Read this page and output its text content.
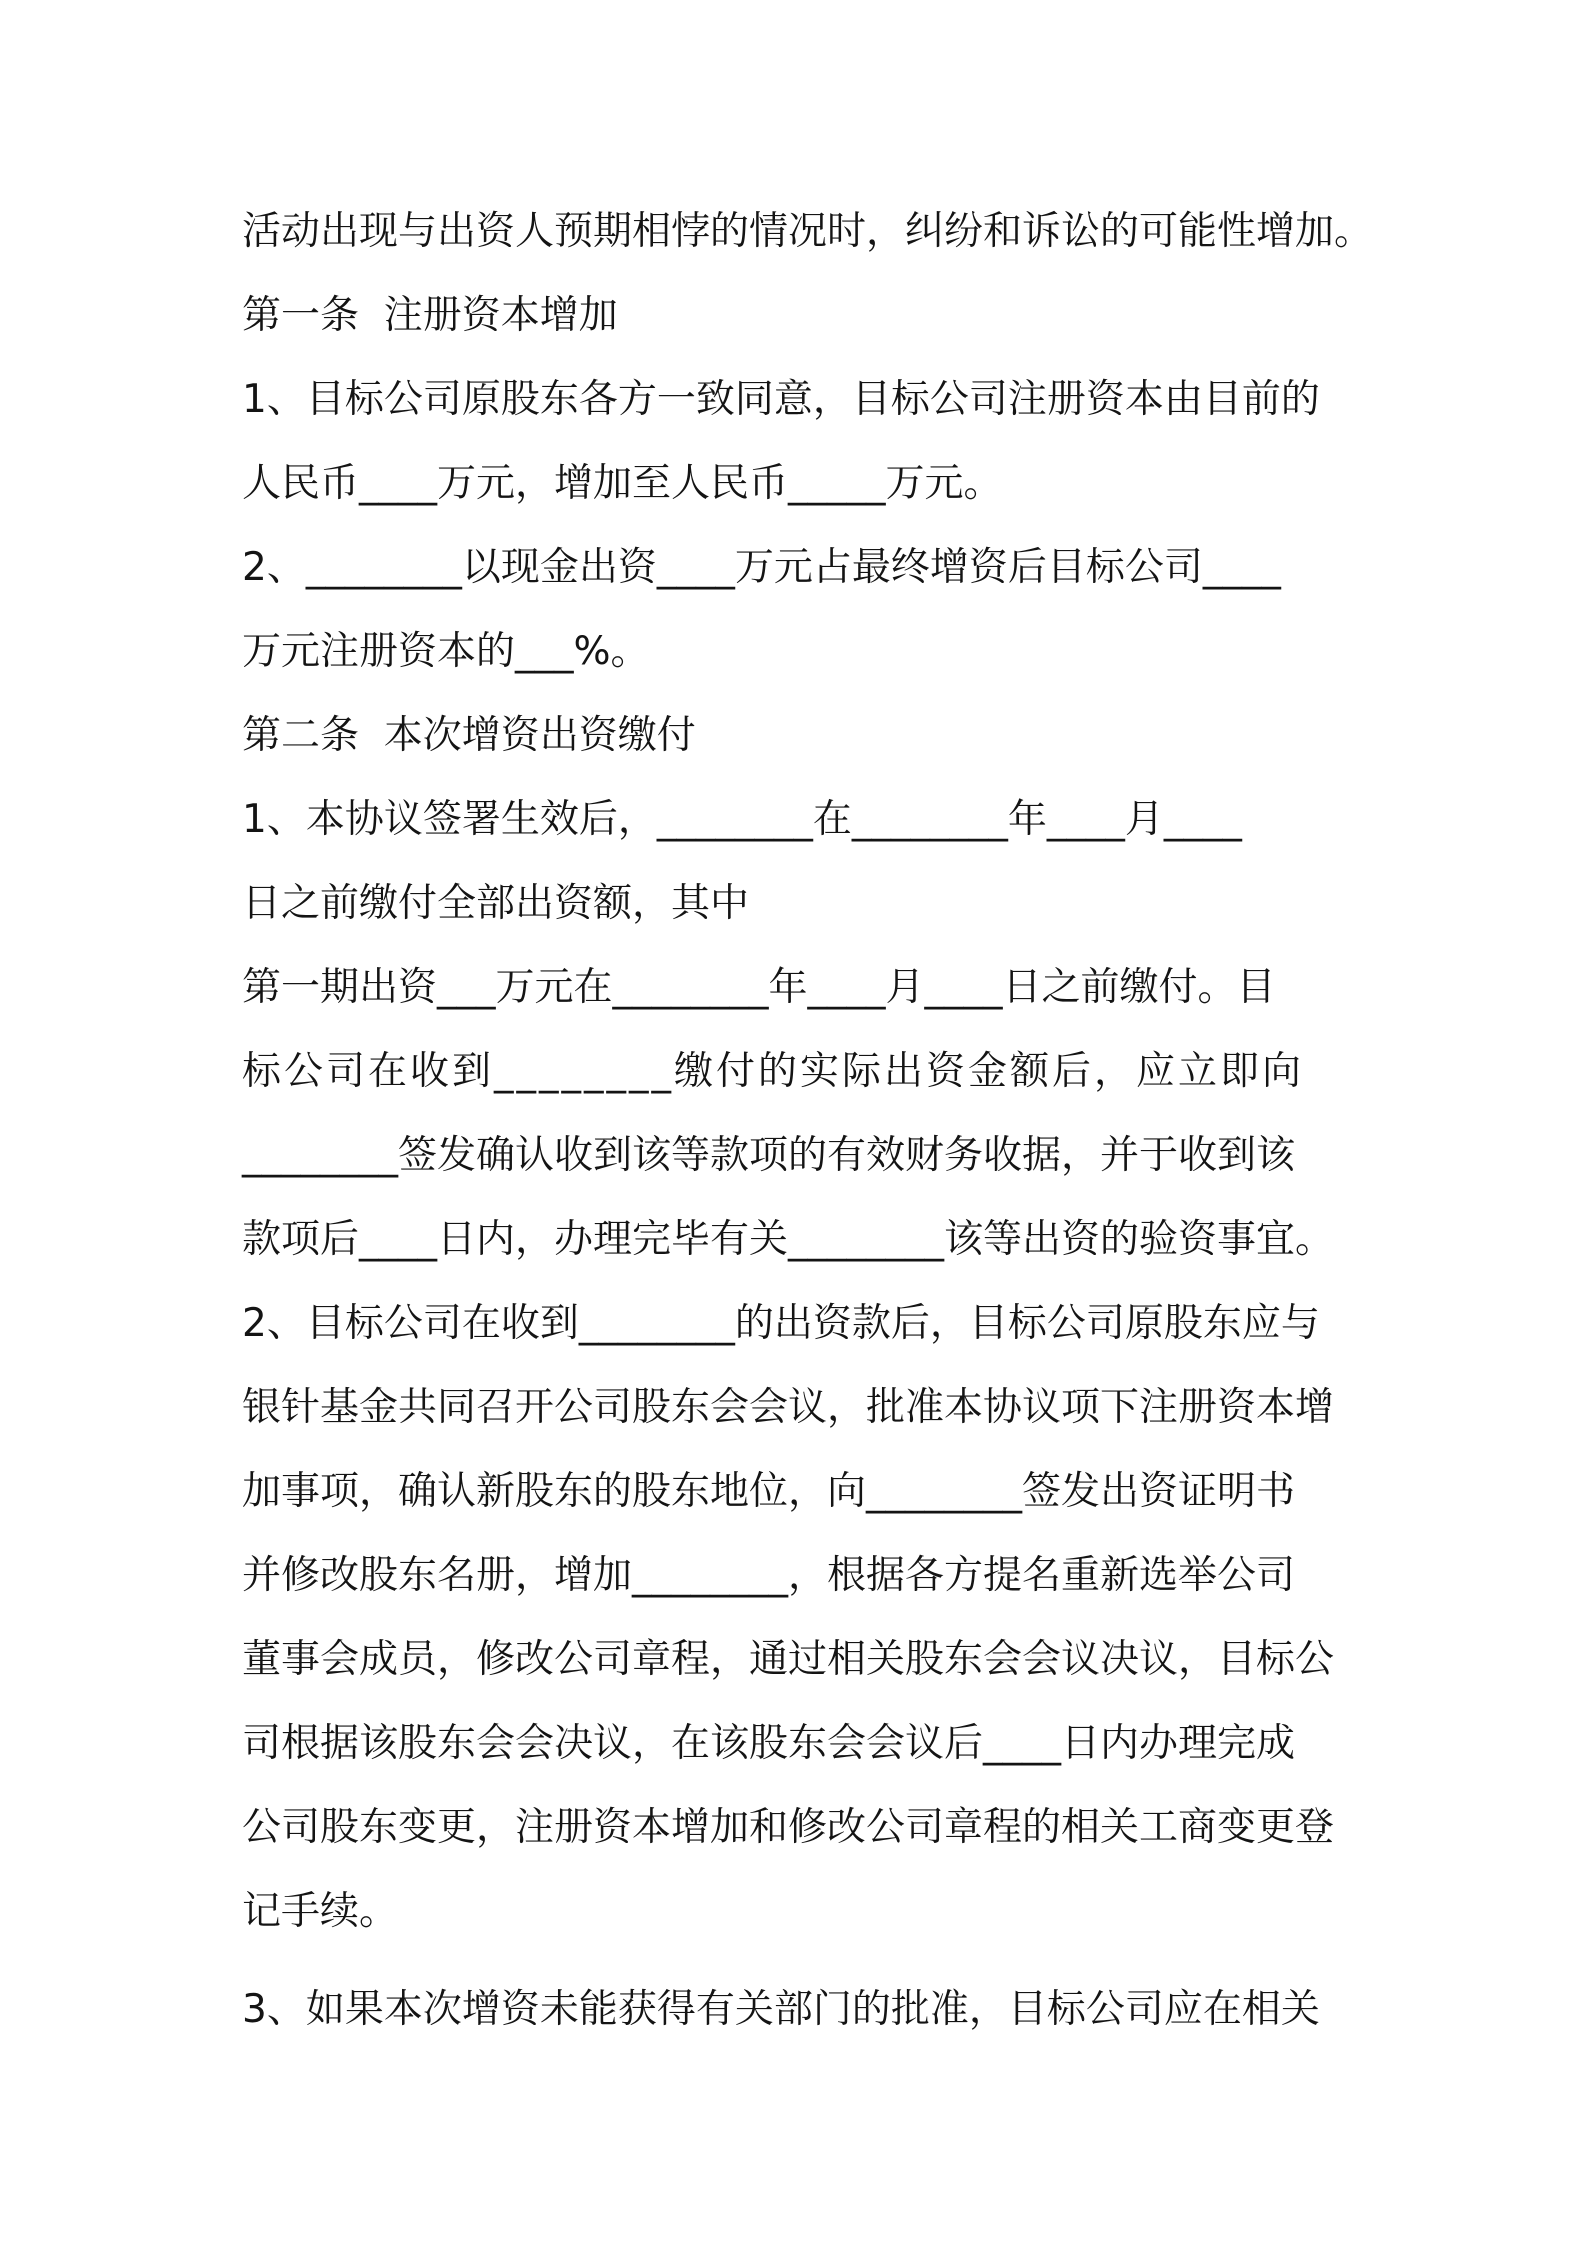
活动出现与出资人预期相悖的情况时，纠纷和诉讼的可能性增加。
第一条  注册资本增加
1、目标公司原股东各方一致同意，目标公司注册资本由目前的
人民币____万元，增加至人民币_____万元。
2、________以现金出资____万元占最终增资后目标公司____
万元注册资本的___%。
第二条  本次增资出资缴付
1、本协议签署生效后，________在________年____月____
日之前缴付全部出资额，其中
第一期出资___万元在________年____月____日之前缴付。目
标公司在收到________缴付的实际出资金额后，应立即向
________签发确认收到该等款项的有效财务收据，并于收到该
款项后____日内，办理完毕有关________该等出资的验资事宜。
2、目标公司在收到________的出资款后，目标公司原股东应与
银针基金共同召开公司股东会会议，批准本协议项下注册资本增
加事项，确认新股东的股东地位，向________签发出资证明书
并修改股东名册，增加________，根据各方提名重新选举公司
董事会成员，修改公司章程，通过相关股东会会议决议，目标公
司根据该股东会会决议，在该股东会会议后____日内办理完成
公司股东变更，注册资本增加和修改公司章程的相关工商变更登
记手续。
3、如果本次增资未能获得有关部门的批准，目标公司应在相关
